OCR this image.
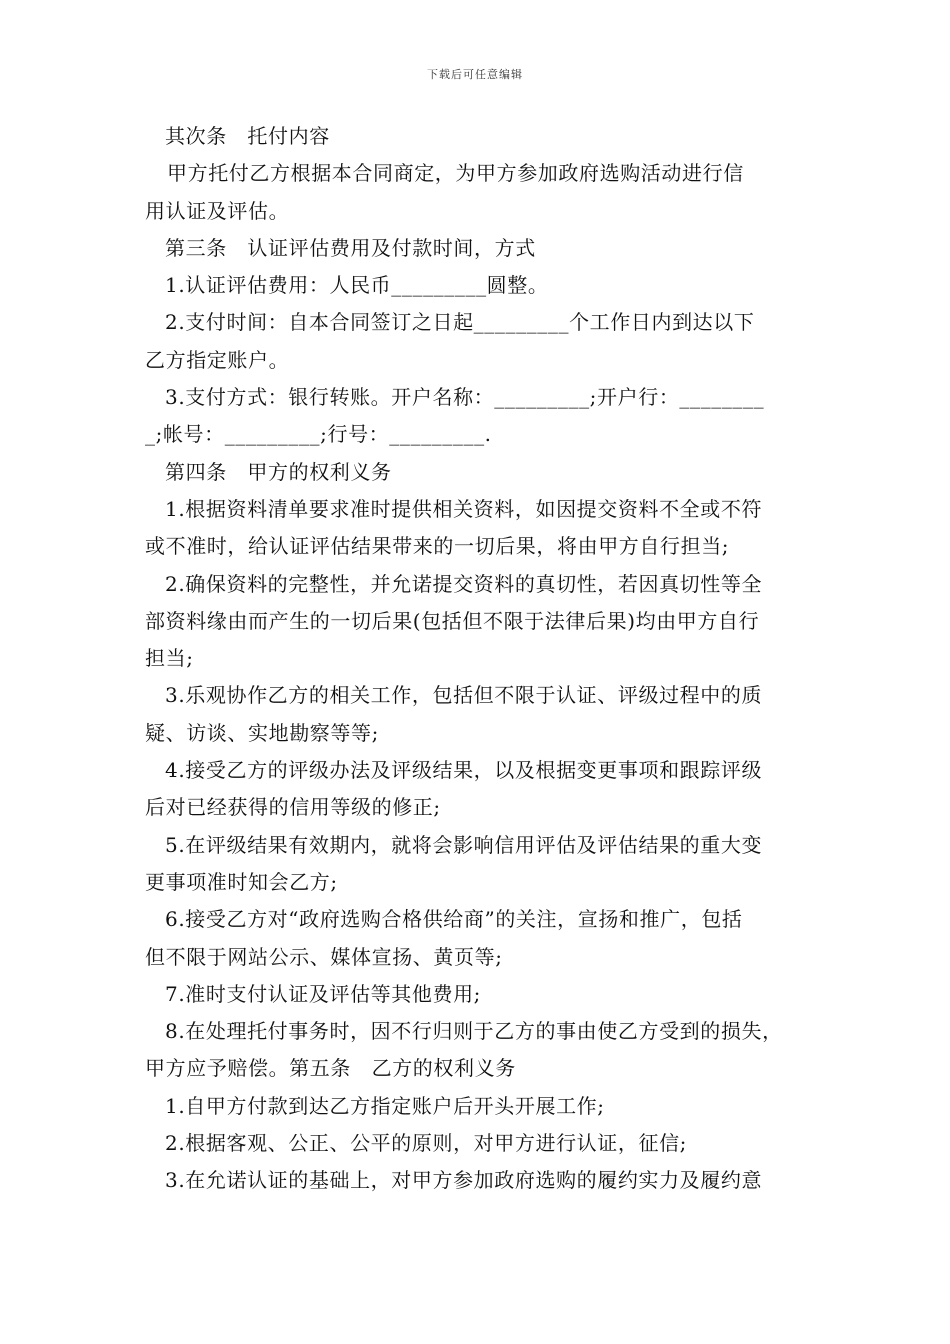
下载后可任意编辑
其次条　托付内容
甲方托付乙方根据本合同商定，为甲方参加政府选购活动进行信
用认证及评估。
第三条　认证评估费用及付款时间，方式
1.认证评估费用：人民币_________圆整。
2.支付时间：自本合同签订之日起_________个工作日内到达以下
乙方指定账户。
3.支付方式：银行转账。开户名称：_________;开户行：________
_;帐号：_________;行号：_________.
第四条　甲方的权利义务
1.根据资料清单要求准时提供相关资料，如因提交资料不全或不符
或不准时，给认证评估结果带来的一切后果，将由甲方自行担当;
2.确保资料的完整性，并允诺提交资料的真切性，若因真切性等全
部资料缘由而产生的一切后果(包括但不限于法律后果)均由甲方自行
担当;
3.乐观协作乙方的相关工作，包括但不限于认证、评级过程中的质
疑、访谈、实地勘察等等;
4.接受乙方的评级办法及评级结果，以及根据变更事项和跟踪评级
后对已经获得的信用等级的修正;
5.在评级结果有效期内，就将会影响信用评估及评估结果的重大变
更事项准时知会乙方;
6.接受乙方对“政府选购合格供给商”的关注，宣扬和推广，包括
但不限于网站公示、媒体宣扬、黄页等;
7.准时支付认证及评估等其他费用;
8.在处理托付事务时，因不行归则于乙方的事由使乙方受到的损失，
甲方应予赔偿。第五条　乙方的权利义务
1.自甲方付款到达乙方指定账户后开头开展工作;
2.根据客观、公正、公平的原则，对甲方进行认证，征信;
3.在允诺认证的基础上，对甲方参加政府选购的履约实力及履约意
